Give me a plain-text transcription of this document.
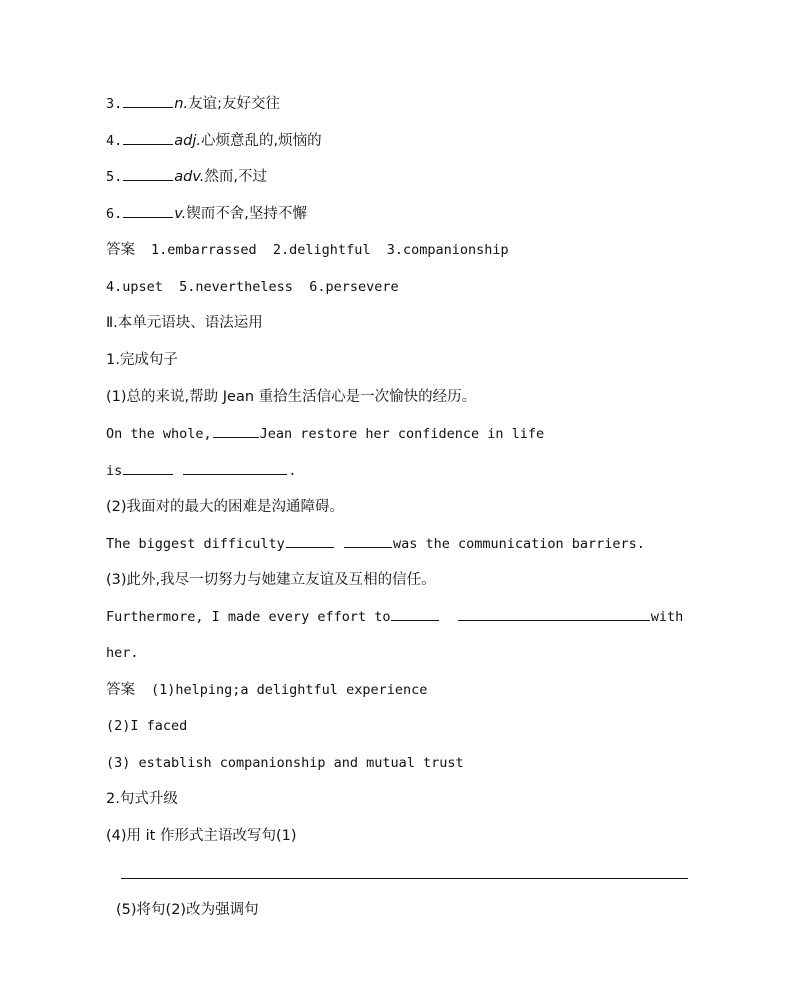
3.	n.友谊;友好交往
4.	adj.心烦意乱的,烦恼的
5.	adv.然而,不过
6.	v.锲而不舍,坚持不懈
答案 1.embarrassed  2.delightful  3.companionship
4.upset  5.nevertheless  6.persevere
Ⅱ.本单元语块、语法运用
1.完成句子
(1)总的来说,帮助 Jean 重拾生活信心是一次愉快的经历。
On the whole,	Jean restore her confidence in life
is	.
(2)我面对的最大的困难是沟通障碍。
The biggest difficulty	was the communication barriers.
(3)此外,我尽一切努力与她建立友谊及互相的信任。
Furthermore, I made every effort to	with
her.
答案 (1)helping;a delightful experience
(2)I faced
(3) establish companionship and mutual trust
2.句式升级
(4)用 it 作形式主语改写句(1)
(5)将句(2)改为强调句
